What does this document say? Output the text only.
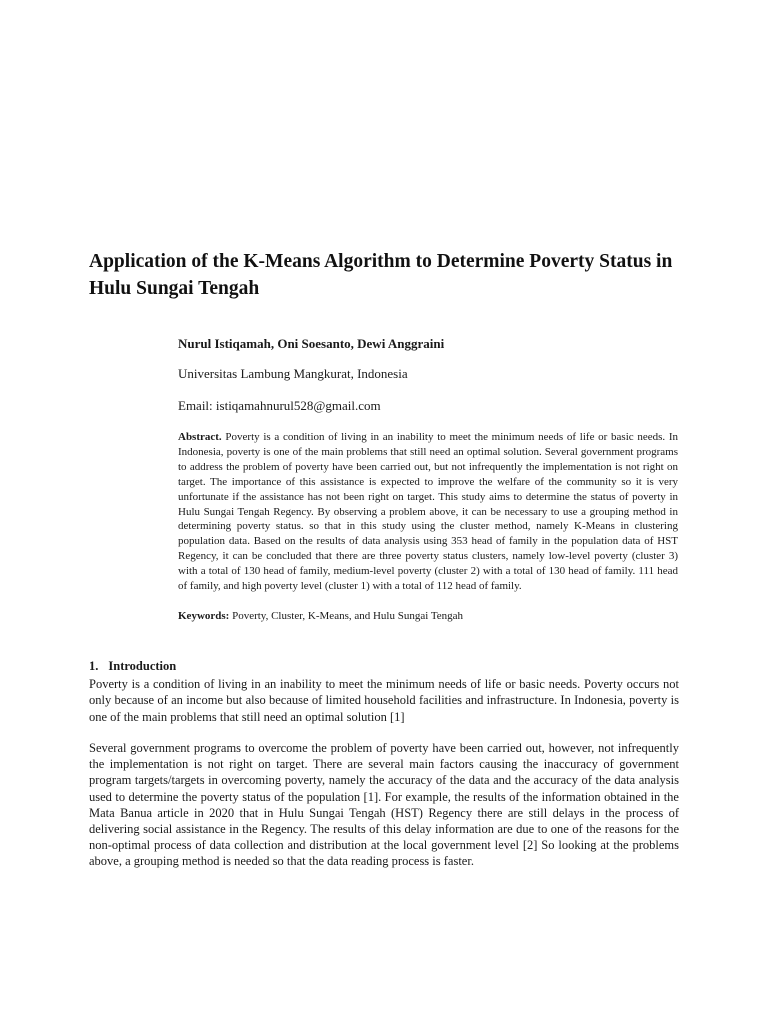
Application of the K-Means Algorithm to Determine Poverty Status in Hulu Sungai Tengah

Nurul Istiqamah, Oni Soesanto, Dewi Anggraini

Universitas Lambung Mangkurat, Indonesia

Email: istiqamahnurul528@gmail.com

Abstract. Poverty is a condition of living in an inability to meet the minimum needs of life or basic needs. In Indonesia, poverty is one of the main problems that still need an optimal solution. Several government programs to address the problem of poverty have been carried out, but not infrequently the implementation is not right on target. The importance of this assistance is expected to improve the welfare of the community so it is very unfortunate if the assistance has not been right on target. This study aims to determine the status of poverty in Hulu Sungai Tengah Regency. By observing a problem above, it can be necessary to use a grouping method in determining poverty status. so that in this study using the cluster method, namely K-Means in clustering population data. Based on the results of data analysis using 353 head of family in the population data of HST Regency, it can be concluded that there are three poverty status clusters, namely low-level poverty (cluster 3) with a total of 130 head of family, medium-level poverty (cluster 2) with a total of 130 head of family. 111 head of family, and high poverty level (cluster 1) with a total of 112 head of family.

Keywords: Poverty, Cluster, K-Means, and Hulu Sungai Tengah

1. Introduction

Poverty is a condition of living in an inability to meet the minimum needs of life or basic needs. Poverty occurs not only because of an income but also because of limited household facilities and infrastructure. In Indonesia, poverty is one of the main problems that still need an optimal solution [1]

Several government programs to overcome the problem of poverty have been carried out, however, not infrequently the implementation is not right on target. There are several main factors causing the inaccuracy of government program targets/targets in overcoming poverty, namely the accuracy of the data and the accuracy of the data analysis used to determine the poverty status of the population [1]. For example, the results of the information obtained in the Mata Banua article in 2020 that in Hulu Sungai Tengah (HST) Regency there are still delays in the process of delivering social assistance in the Regency. The results of this delay information are due to one of the reasons for the non-optimal process of data collection and distribution at the local government level [2] So looking at the problems above, a grouping method is needed so that the data reading process is faster.
